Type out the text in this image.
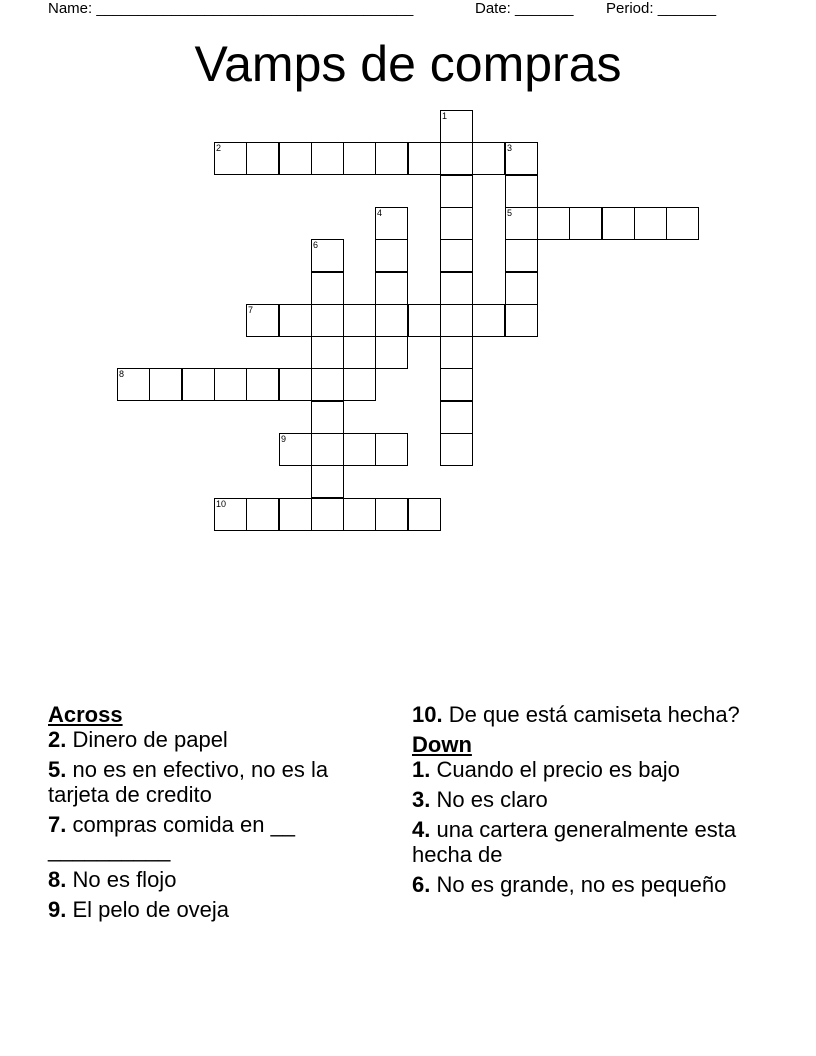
Name: ______________________________________	Date: _______ Period: _______
Vamps de compras
2	3
5
7
8
9
10
1
4
6
Across
2. Dinero de papel
5. no es en efectivo, no es la tarjeta de credito
7. compras comida en __ __________
8. No es flojo
9. El pelo de oveja
10. De que está camiseta hecha?
Down
1. Cuando el precio es bajo
3. No es claro
4. una cartera generalmente esta hecha de
6. No es grande, no es pequeño
